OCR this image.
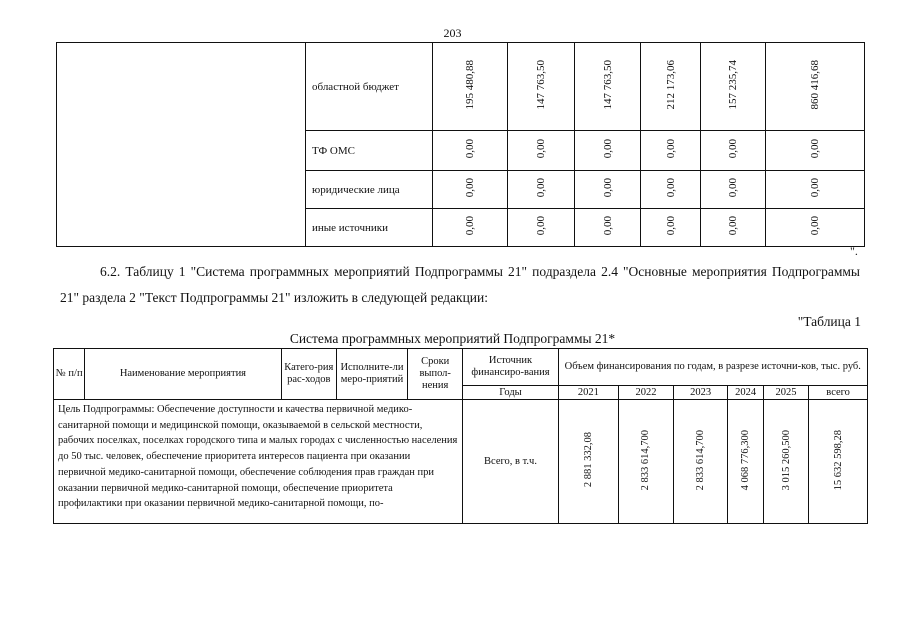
203
	областной бюджет	195 480,88	147 763,50	147 763,50	212 173,06	157 235,74	860 416,68
	ТФ ОМС	0,00	0,00	0,00	0,00	0,00	0,00
	юридические лица	0,00	0,00	0,00	0,00	0,00	0,00
	иные источники	0,00	0,00	0,00	0,00	0,00	0,00
".
6.2. Таблицу 1 "Система программных мероприятий Подпрограммы 21" подраздела 2.4 "Основные мероприятия Подпрограммы 21" раздела 2 "Текст Подпрограммы 21" изложить в следующей редакции:
"Таблица 1
Система программных мероприятий Подпрограммы 21*
№ п/п	Наименование мероприятия	Катего-рия рас-ходов	Исполните-ли меро-приятий	Сроки выпол-нения	Источник финансиро-вания	Объем финансирования по годам, в разрезе источни-ков, тыс. руб.					
					Годы	2021	2022	2023	2024	2025	всего
Цель Подпрограммы: Обеспечение доступности и качества первичной медико-санитарной помощи и медицинской помощи, оказываемой в сельской местности, рабочих поселках, поселках городского типа и малых городах с численностью населения до 50 тыс. человек, обеспечение приоритета интересов пациента при оказании первичной медико-санитарной помощи, обеспечение соблюдения прав граждан при оказании первичной медико-санитарной помощи, обеспечение приоритета профилактики при оказании первичной медико-санитарной помощи, по-					Всего, в т.ч.	2 881 332,08	2 833 614,700	2 833 614,700	4 068 776,300	3 015 260,500	15 632 598,28
